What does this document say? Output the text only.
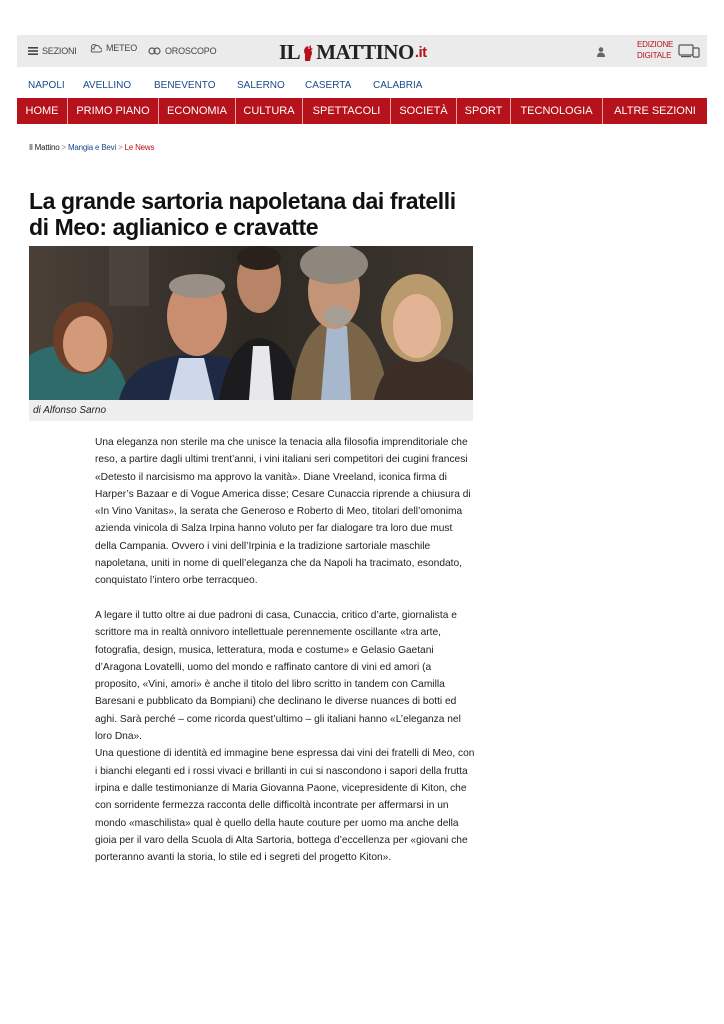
SEZIONI	METEO	OROSCOPO	IL MATTINO .it	EDIZIONE
DIGITALE
NAPOLI AVELLINO BENEVENTO SALERNO CASERTA CALABRIA
HOME	PRIMO PIANO	ECONOMIA	CULTURA	SPETTACOLI	SOCIETÀ	SPORT	TECNOLOGIA	ALTRE SEZIONI
Il Mattino > Mangia e Bevi > Le News
La grande sartoria napoletana dai fratelli di Meo: aglianico e cravatte
di Alfonso Sarno

Una eleganza non sterile ma che unisce la tenacia alla filosofia imprenditoriale che reso, a partire dagli ultimi trent’anni, i vini italiani seri competitori dei cugini francesi «Detesto il narcisismo ma approvo la vanità». Diane Vreeland, iconica firma di Harper’s Bazaar e di Vogue America disse; Cesare Cunaccia riprende a chiusura di «In Vino Vanitas», la serata che Generoso e Roberto di Meo, titolari dell’omonima azienda vinicola di Salza Irpina hanno voluto per far dialogare tra loro due must della Campania. Ovvero i vini dell’Irpinia e la tradizione sartoriale maschile napoletana, uniti in nome di quell’eleganza che da Napoli ha tracimato, esondato, conquistato l’intero orbe terracqueo.

A legare il tutto oltre ai due padroni di casa, Cunaccia, critico d’arte, giornalista e scrittore ma in realtà onnivoro intellettuale perennemente oscillante «tra arte, fotografia, design, musica, letteratura, moda e costume» e Gelasio Gaetani d’Aragona Lovatelli, uomo del mondo e raffinato cantore di vini ed amori (a proposito, «Vini, amori» è anche il titolo del libro scritto in tandem con Camilla Baresani e pubblicato da Bompiani) che declinano le diverse nuances di botti ed aghi. Sarà perché – come ricorda quest’ultimo – gli italiani hanno «L’eleganza nel loro Dna».

Una questione di identità ed immagine bene espressa dai vini dei fratelli di Meo, con i bianchi eleganti ed i rossi vivaci e brillanti in cui si nascondono i sapori della frutta irpina e dalle testimonianze di Maria Giovanna Paone, vicepresidente di Kiton, che con sorridente fermezza racconta delle difficoltà incontrate per affermarsi in un mondo «maschilista» qual è quello della haute couture per uomo ma anche della gioia per il varo della Scuola di Alta Sartoria, bottega d’eccellenza per «giovani che porteranno avanti la storia, lo stile ed i segreti del progetto Kiton».
